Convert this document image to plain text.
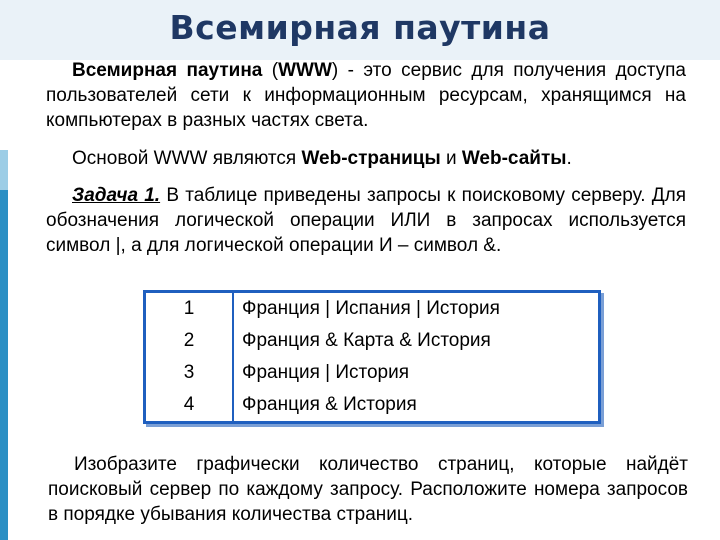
Всемирная паутина
Всемирная паутина (WWW) - это сервис для получения доступа пользователей сети к информационным ресурсам, хранящимся на компьютерах в разных частях света.
Основой WWW являются Web-страницы и Web-сайты.
Задача 1. В таблице приведены запросы к поисковому серверу. Для обозначения логической операции ИЛИ в запросах используется символ |, а для логической операции И – символ &.
1	Франция | Испания | История
2	Франция & Карта & История
3	Франция | История
4	Франция & История
Изобразите графически количество страниц, которые найдёт поисковый сервер по каждому запросу. Расположите номера запросов в порядке убывания количества страниц.
